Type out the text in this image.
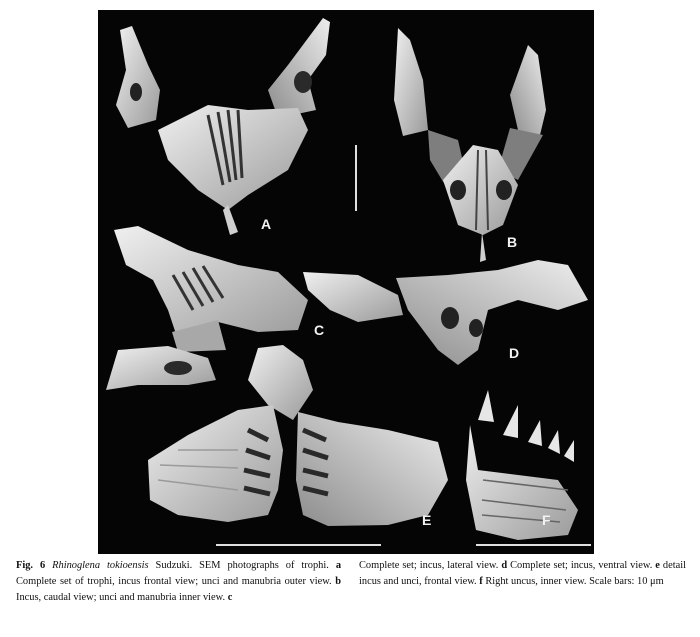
A
B
C
D
E	F
Fig. 6 Rhinoglena tokioensis Sudzuki. SEM photographs of trophi. a Complete set of trophi, incus frontal view; unci and manubria outer view. b Incus, caudal view; unci and manubria inner view. c
Complete set; incus, lateral view. d Complete set; incus, ventral view. e detail incus and unci, frontal view. f Right uncus, inner view. Scale bars: 10 μm
